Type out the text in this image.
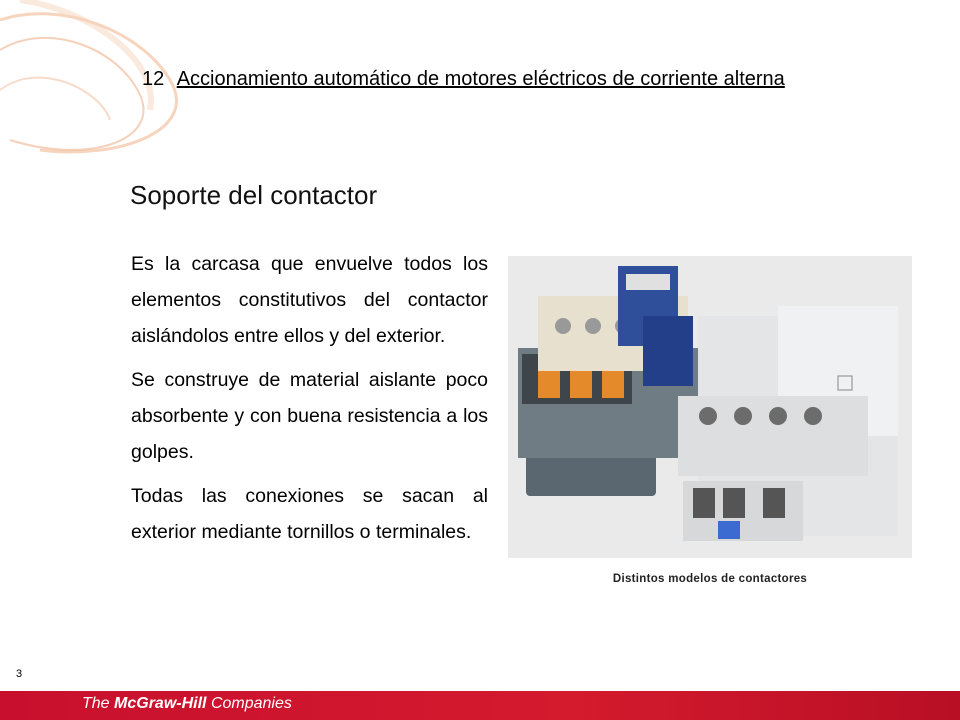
12 Accionamiento automático de motores eléctricos de corriente alterna
Soporte del contactor

Es la carcasa que envuelve todos los elementos constitutivos del contactor aislándolos entre ellos y del exterior.

Se construye de material aislante poco absorbente y con buena resistencia a los golpes.

Todas las conexiones se sacan al exterior mediante tornillos o terminales.

Distintos modelos de contactores
3
The McGraw-Hill Companies
